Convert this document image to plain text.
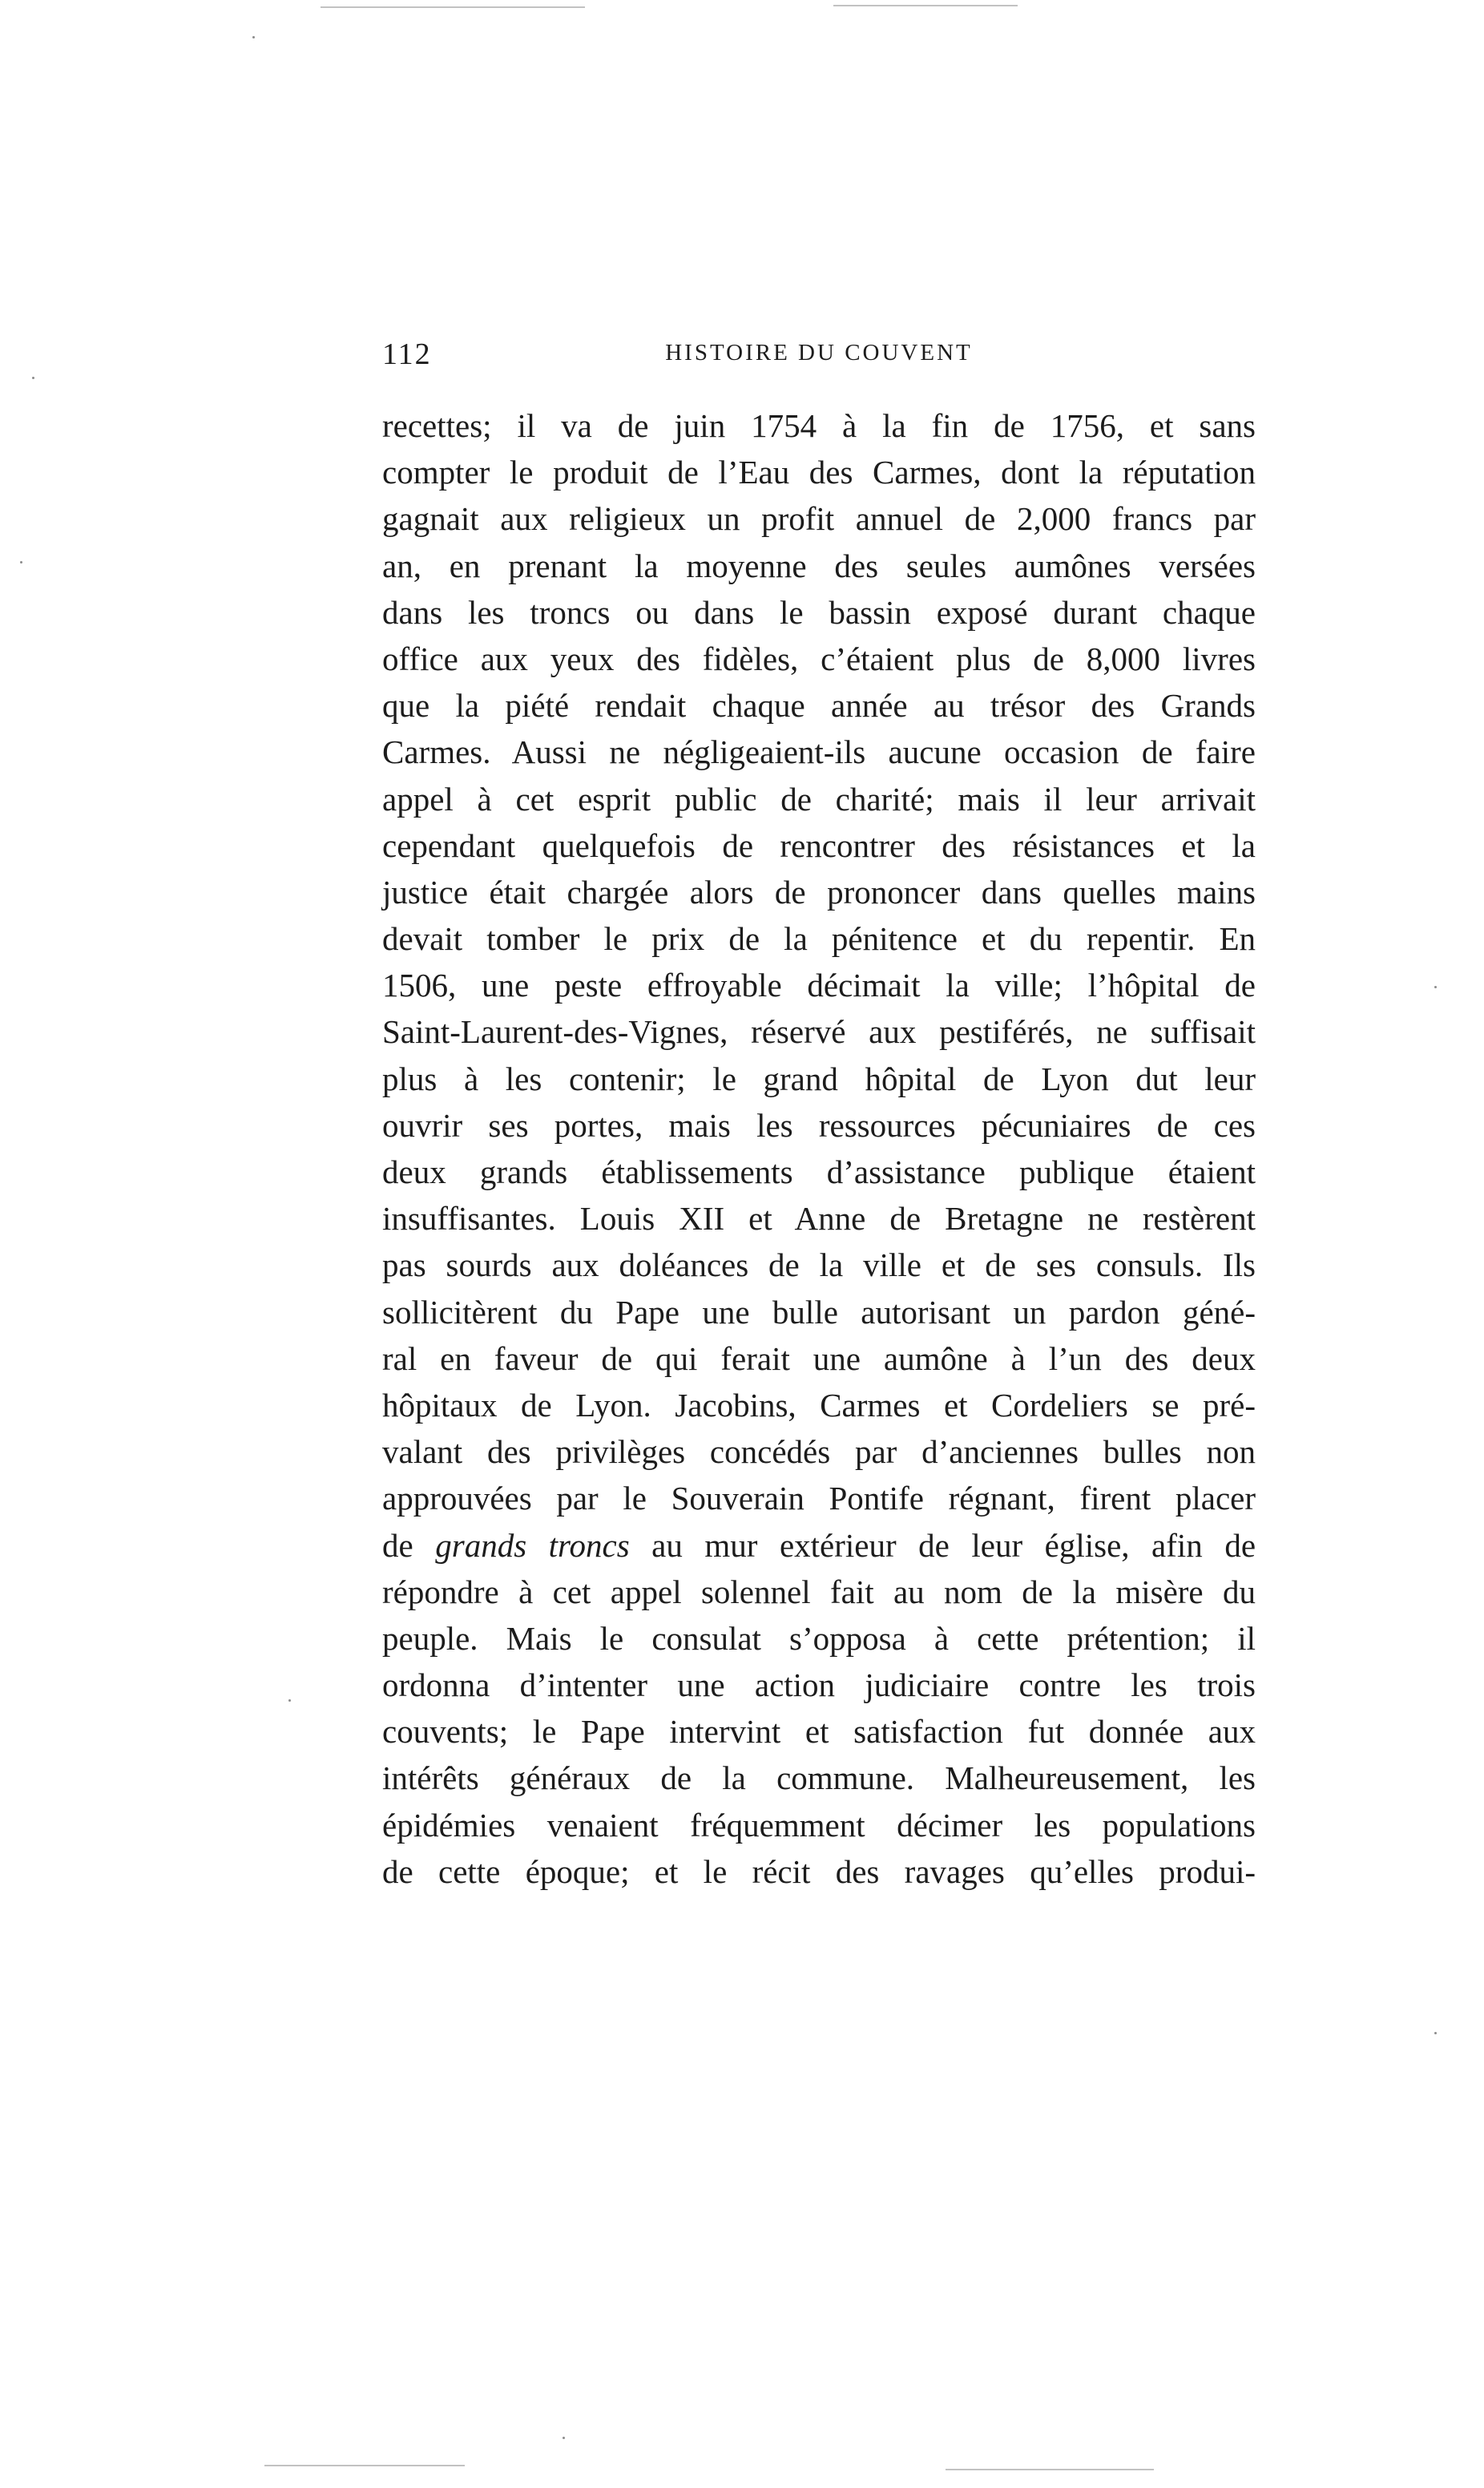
112	HISTOIRE DU COUVENT
recettes; il va de juin 1754 à la fin de 1756, et sans
compter le produit de l’Eau des Carmes, dont la réputation
gagnait aux religieux un profit annuel de 2,000 francs par
an, en prenant la moyenne des seules aumônes versées
dans les troncs ou dans le bassin exposé durant chaque
office aux yeux des fidèles, c’étaient plus de 8,000 livres
que la piété rendait chaque année au trésor des Grands
Carmes. Aussi ne négligeaient-ils aucune occasion de faire
appel à cet esprit public de charité; mais il leur arrivait
cependant quelquefois de rencontrer des résistances et la
justice était chargée alors de prononcer dans quelles mains
devait tomber le prix de la pénitence et du repentir. En
1506, une peste effroyable décimait la ville; l’hôpital de
Saint-Laurent-des-Vignes, réservé aux pestiférés, ne suffisait
plus à les contenir; le grand hôpital de Lyon dut leur
ouvrir ses portes, mais les ressources pécuniaires de ces
deux grands établissements d’assistance publique étaient
insuffisantes. Louis XII et Anne de Bretagne ne restèrent
pas sourds aux doléances de la ville et de ses consuls. Ils
sollicitèrent du Pape une bulle autorisant un pardon géné-
ral en faveur de qui ferait une aumône à l’un des deux
hôpitaux de Lyon. Jacobins, Carmes et Cordeliers se pré-
valant des privilèges concédés par d’anciennes bulles non
approuvées par le Souverain Pontife régnant, firent placer
de grands troncs au mur extérieur de leur église, afin de
répondre à cet appel solennel fait au nom de la misère du
peuple. Mais le consulat s’opposa à cette prétention; il
ordonna d’intenter une action judiciaire contre les trois
couvents; le Pape intervint et satisfaction fut donnée aux
intérêts généraux de la commune. Malheureusement, les
épidémies venaient fréquemment décimer les populations
de cette époque; et le récit des ravages qu’elles produi-
